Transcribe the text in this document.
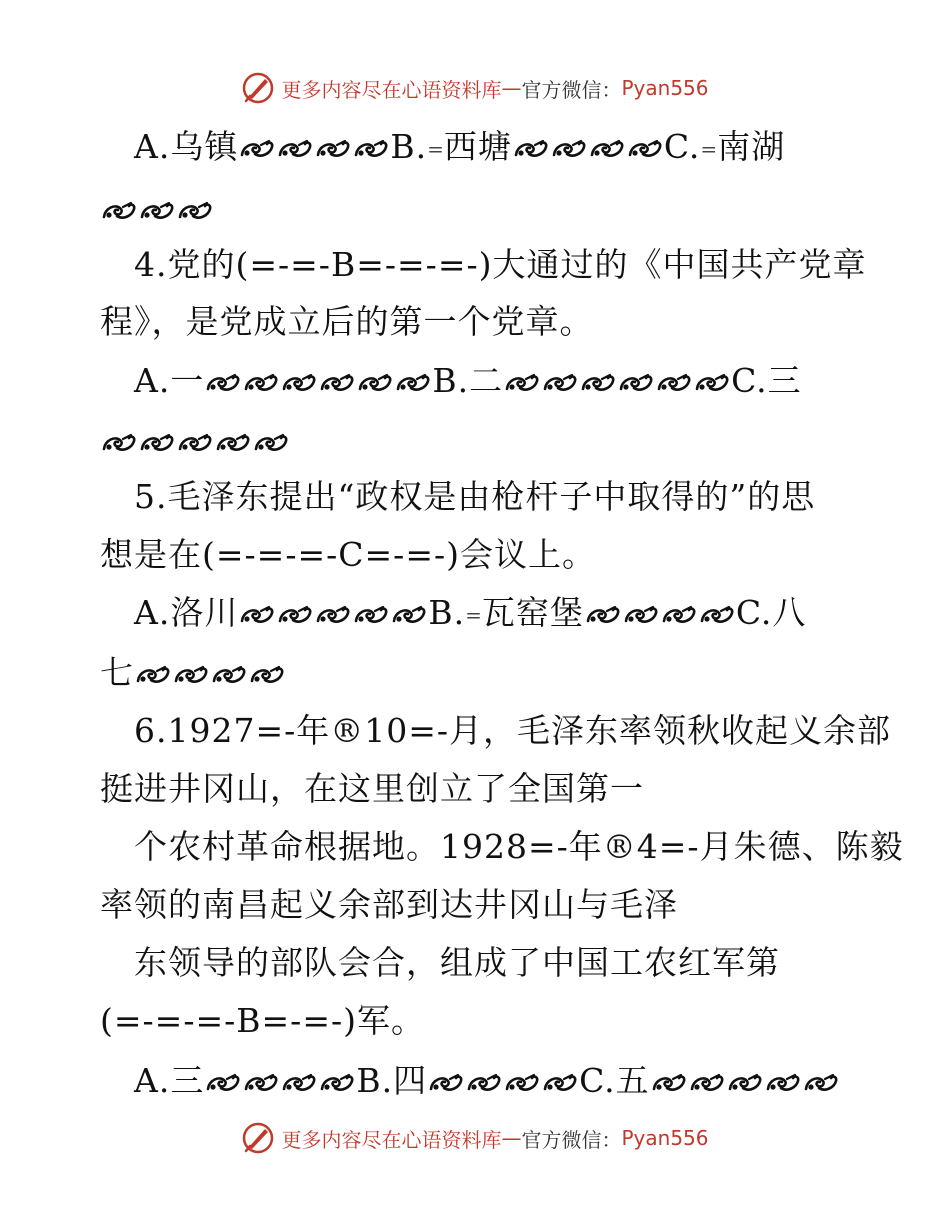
更多内容尽在心语资料库 — 官方微信： Pyan556
A.乌镇	B.=西塘	C.=南湖
4.党的(=-=-B=-=-=-)大通过的《中国共产党章
程》，是党成立后的第一个党章。
A.一	B.二	C.三
5.毛泽东提出“政权是由枪杆子中取得的”的思
想是在(=-=-=-C=-=-)会议上。
A.洛川	B.=瓦窑堡	C.八
七
6.1927=-年®10=-月，毛泽东率领秋收起义余部
挺进井冈山，在这里创立了全国第一
个农村革命根据地。1928=-年®4=-月朱德、陈毅
率领的南昌起义余部到达井冈山与毛泽
东领导的部队会合，组成了中国工农红军第
(=-=-=-B=-=-)军。
A.三	B.四	C.五
更多内容尽在心语资料库 — 官方微信： Pyan556
